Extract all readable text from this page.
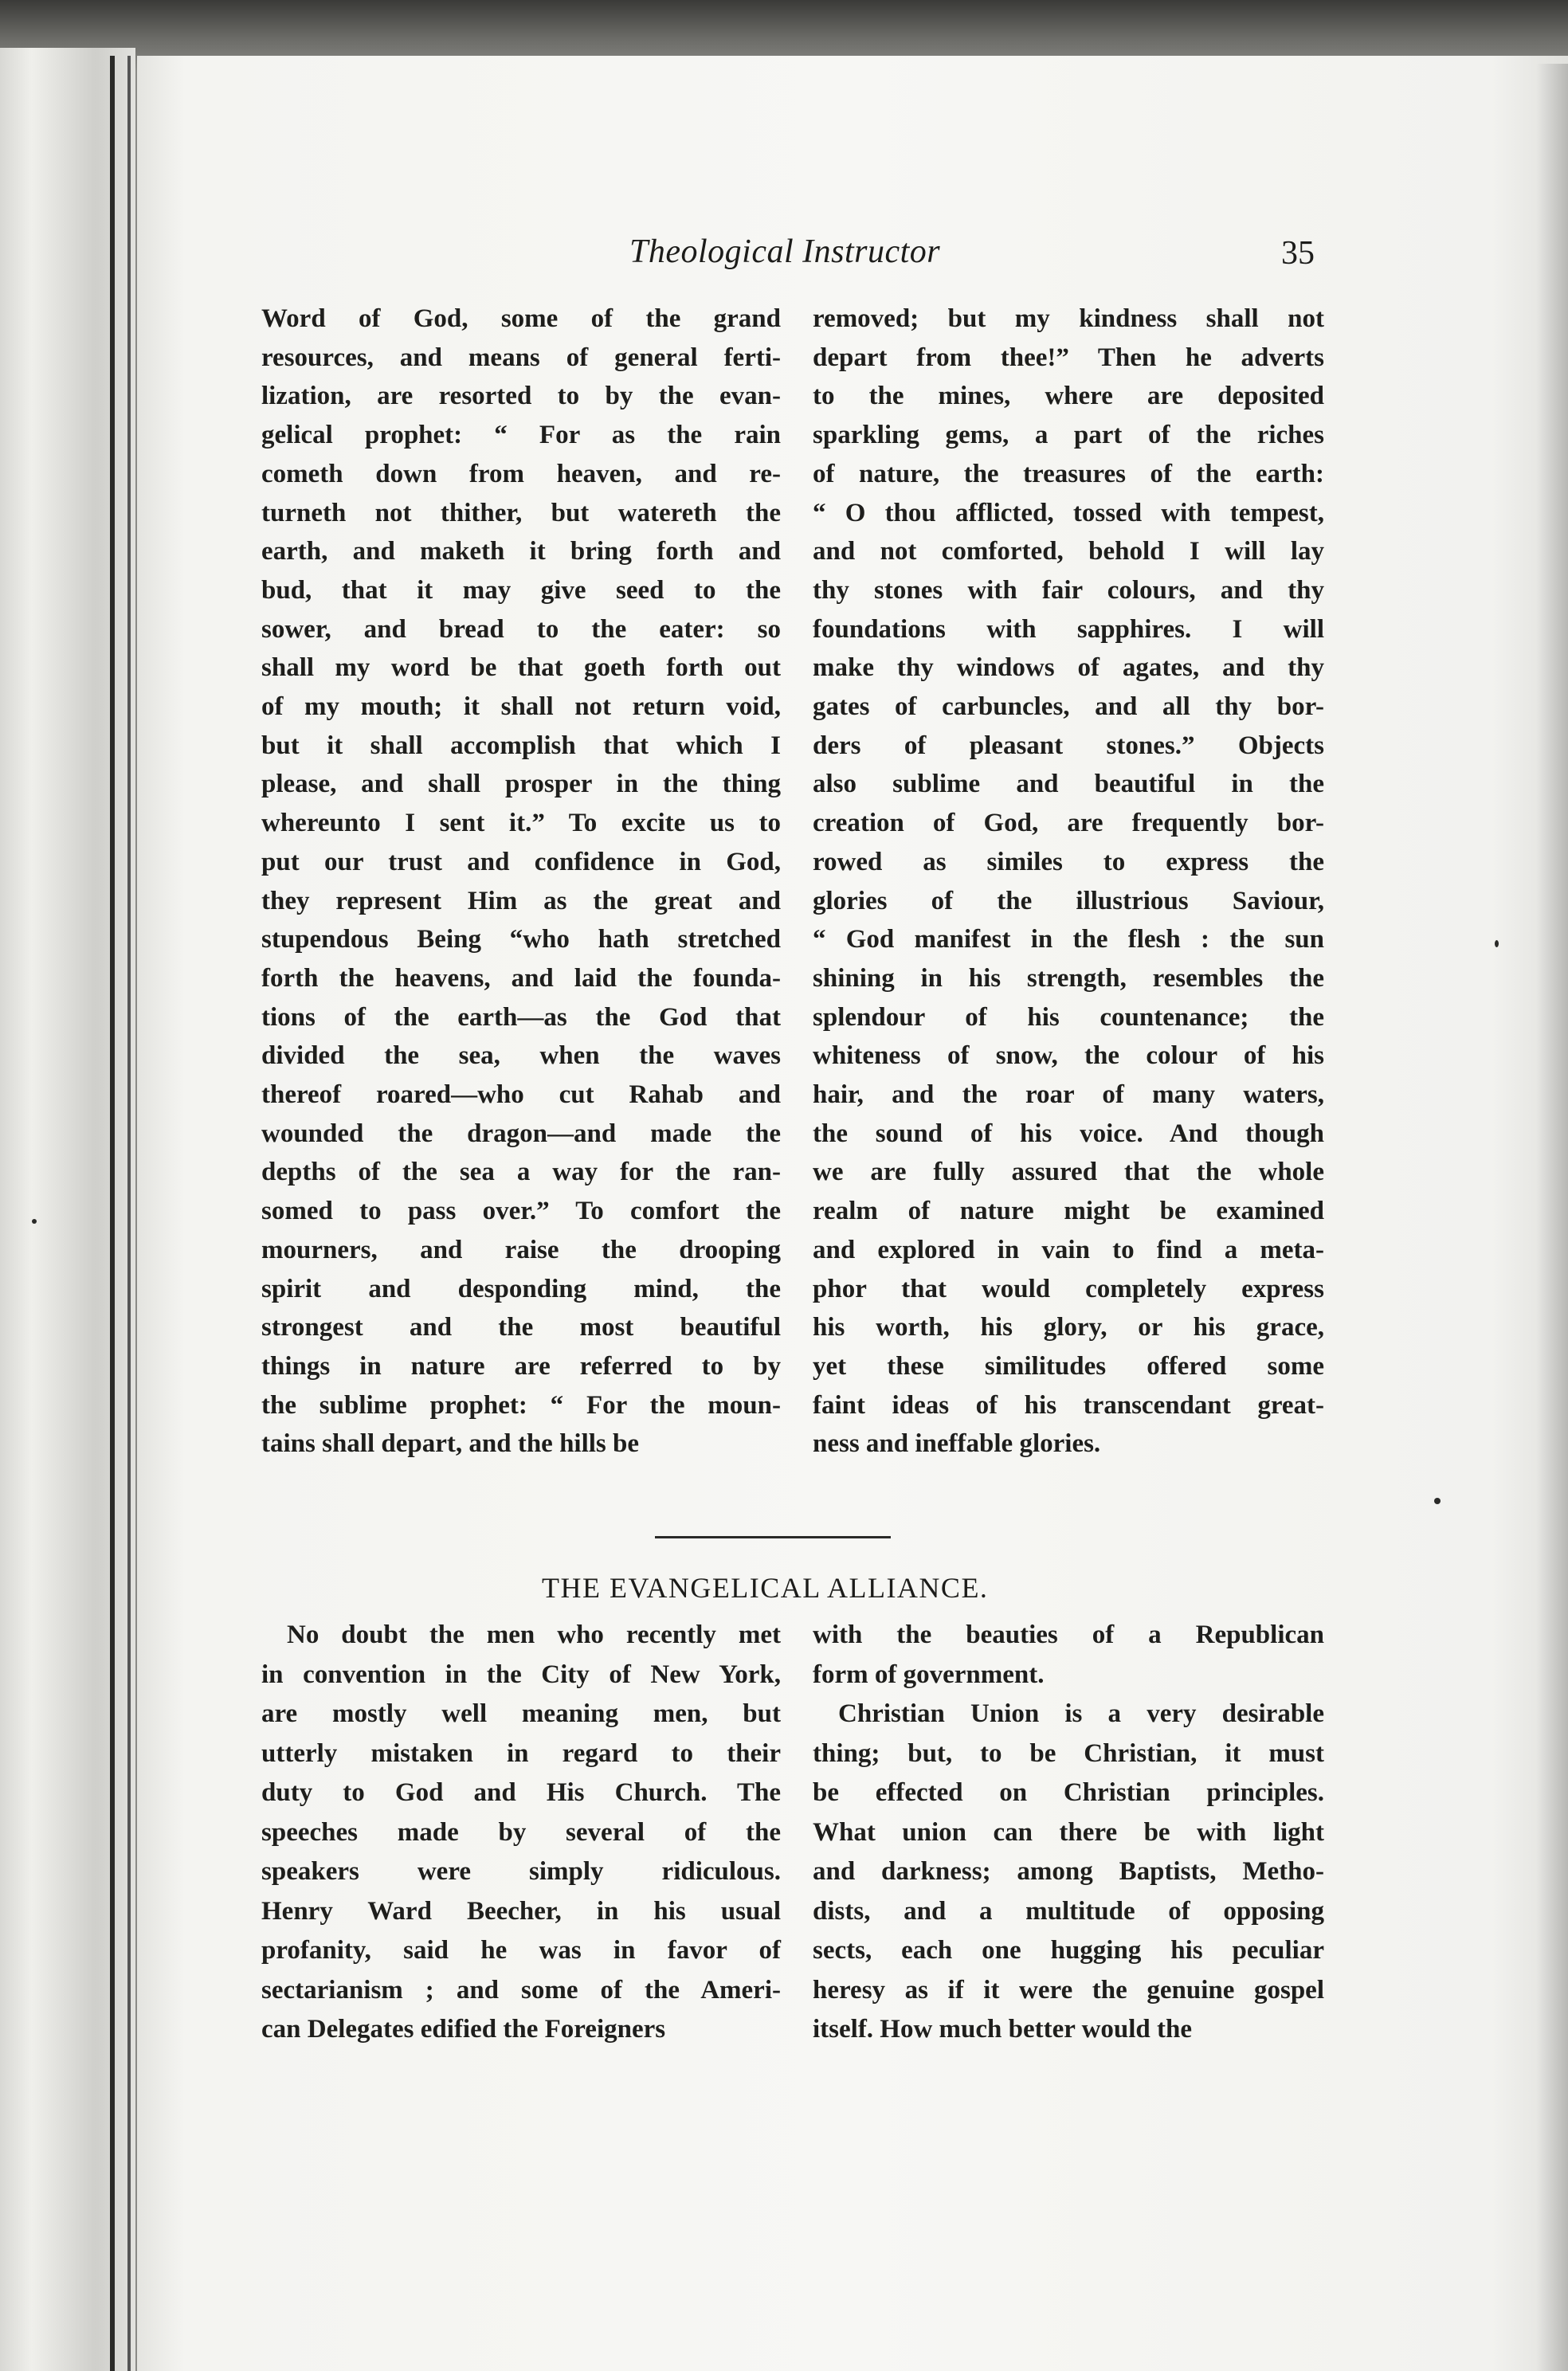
Theological Instructor	35
Word of God, some of the grand
resources, and means of general ferti-
lization, are resorted to by the evan-
gelical prophet: “ For as the rain
cometh down from heaven, and re-
turneth not thither, but watereth the
earth, and maketh it bring forth and
bud, that it may give seed to the
sower, and bread to the eater: so
shall my word be that goeth forth out
of my mouth; it shall not return void,
but it shall accomplish that which I
please, and shall prosper in the thing
whereunto I sent it.” To excite us to
put our trust and confidence in God,
they represent Him as the great and
stupendous Being “who hath stretched
forth the heavens, and laid the founda-
tions of the earth—as the God that
divided the sea, when the waves
thereof roared—who cut Rahab and
wounded the dragon—and made the
depths of the sea a way for the ran-
somed to pass over.” To comfort the
mourners, and raise the drooping
spirit and desponding mind, the
strongest and the most beautiful
things in nature are referred to by
the sublime prophet: “ For the moun-
tains shall depart, and the hills be
removed; but my kindness shall not
depart from thee!” Then he adverts
to the mines, where are deposited
sparkling gems, a part of the riches
of nature, the treasures of the earth:
“ O thou afflicted, tossed with tempest,
and not comforted, behold I will lay
thy stones with fair colours, and thy
foundations with sapphires. I will
make thy windows of agates, and thy
gates of carbuncles, and all thy bor-
ders of pleasant stones.” Objects
also sublime and beautiful in the
creation of God, are frequently bor-
rowed as similes to express the
glories of the illustrious Saviour,
“ God manifest in the flesh : the sun
shining in his strength, resembles the
splendour of his countenance; the
whiteness of snow, the colour of his
hair, and the roar of many waters,
the sound of his voice. And though
we are fully assured that the whole
realm of nature might be examined
and explored in vain to find a meta-
phor that would completely express
his worth, his glory, or his grace,
yet these similitudes offered some
faint ideas of his transcendant great-
ness and ineffable glories.
THE EVANGELICAL ALLIANCE.
No doubt the men who recently met
in convention in the City of New York,
are mostly well meaning men, but
utterly mistaken in regard to their
duty to God and His Church. The
speeches made by several of the
speakers were simply ridiculous.
Henry Ward Beecher, in his usual
profanity, said he was in favor of
sectarianism ; and some of the Ameri-
can Delegates edified the Foreigners
with the beauties of a Republican
form of government.
Christian Union is a very desirable
thing; but, to be Christian, it must
be effected on Christian principles.
What union can there be with light
and darkness; among Baptists, Metho-
dists, and a multitude of opposing
sects, each one hugging his peculiar
heresy as if it were the genuine gospel
itself. How much better would the
